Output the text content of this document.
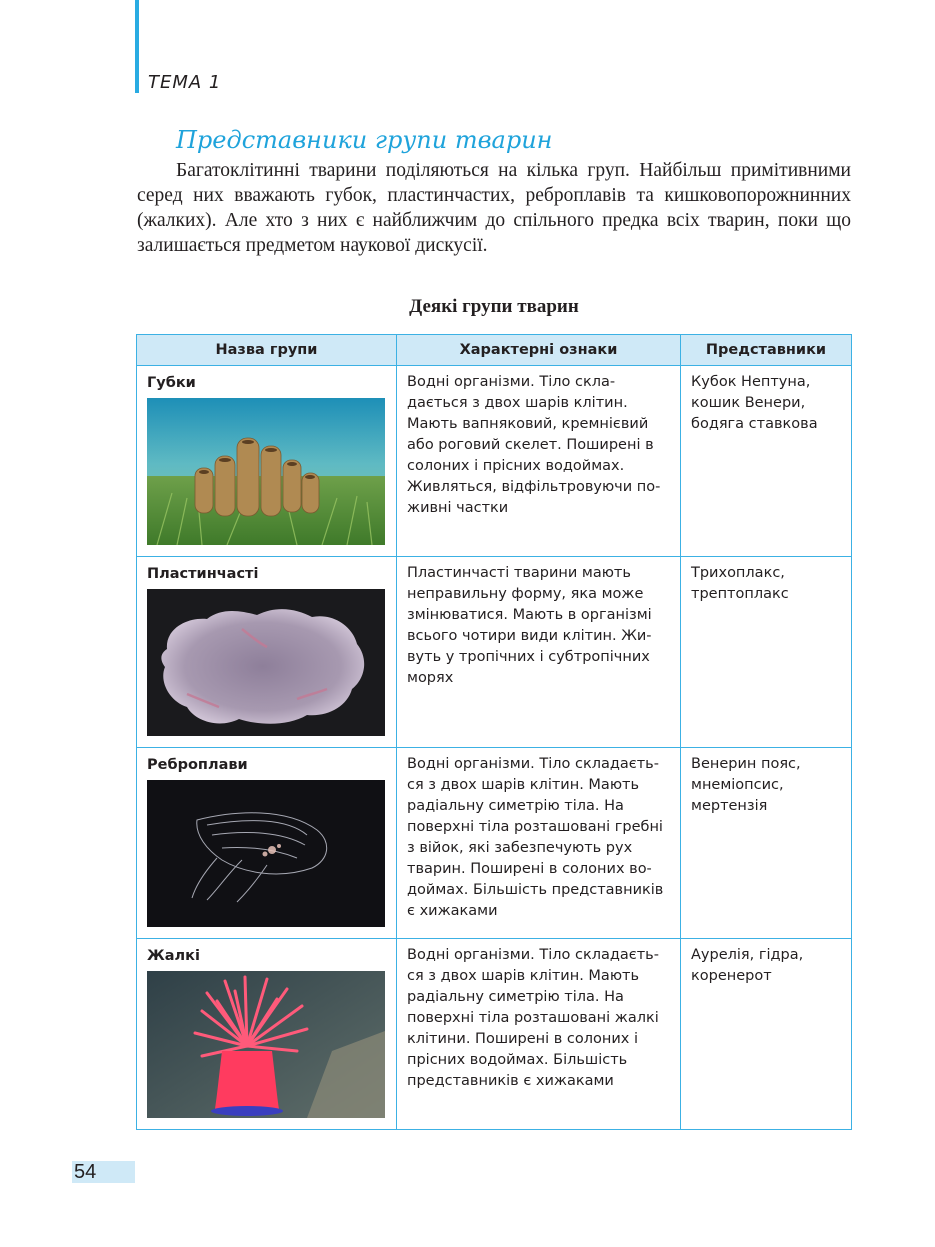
ТЕМА 1
Представники групи тварин

Багатоклітинні тварини поділяються на кілька груп. Найбільш примітивними серед них вважають губок, пластинчастих, реброплавів та кишковопорожнинних (жалких). Але хто з них є найближчим до спільного предка всіх тварин, поки що залишається предметом наукової дискусії.

Деякі групи тварин
Назва групи	Характерні ознаки	Представники

Губки	Водні організми. Тіло скла-дається з двох шарів клітин. Мають вапняковий, кремнієвий або роговий скелет. Поширені в солоних і прісних водоймах. Живляться, відфільтровуючи по-живні частки	Кубок Нептуна, кошик Венери, бодяга ставкова

Пластинчасті	Пластинчасті тварини мають неправильну форму, яка може змінюватися. Мають в організмі всього чотири види клітин. Жи-вуть у тропічних і субтропічних морях	Трихоплакс, трептоплакс

Реброплави	Водні організми. Тіло складаєть-ся з двох шарів клітин. Мають радіальну симетрію тіла. На поверхні тіла розташовані гребні з війок, які забезпечують рух тварин. Поширені в солоних во-доймах. Більшість представників є хижаками	Венерин пояс, мнеміопсис, мертензія

Жалкі	Водні організми. Тіло складаєть-ся з двох шарів клітин. Мають радіальну симетрію тіла. На поверхні тіла розташовані жалкі клітини. Поширені в солоних і прісних водоймах. Більшість представників є хижаками	Аурелія, гідра, коренерот
54
